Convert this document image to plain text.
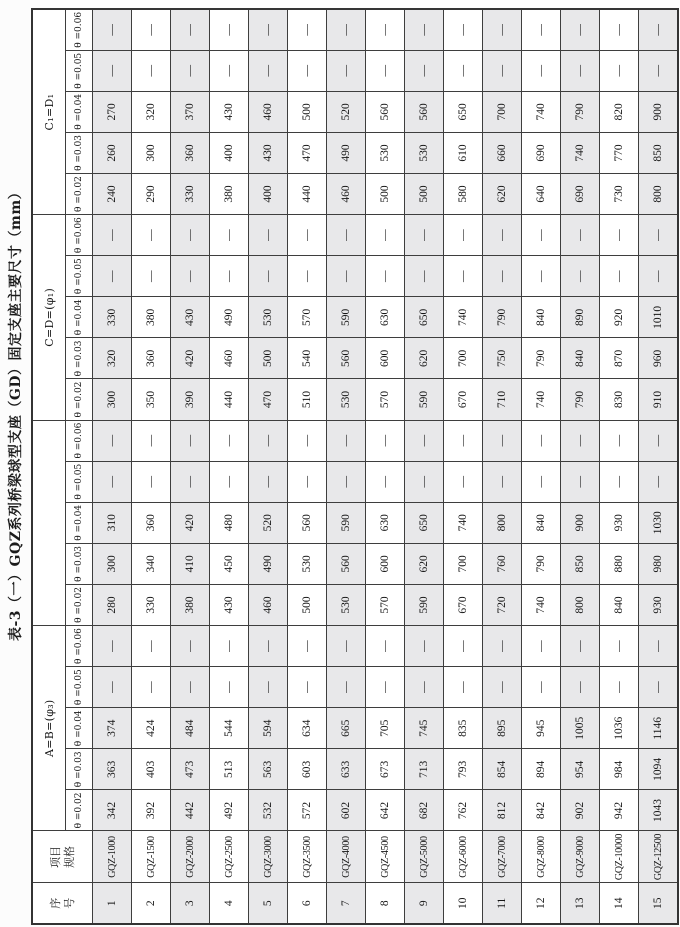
表-3（一）GQZ系列桥梁球型支座（GD）固定支座主要尺寸（mm）
序 号

项目 规格
	A=B=(φ₃)		C=D=(φ₁)	C₁=D₁
		θ =0.02	θ =0.03	θ =0.04	θ =0.05	θ =0.06	θ =0.02	θ =0.03	θ =0.04	θ =0.05	θ =0.06	θ =0.02	θ =0.03	θ =0.04	θ =0.05	θ =0.06	θ =0.02	θ =0.03	θ =0.04	θ =0.05	θ =0.06
1	GQZ-1000	342	363	374	—	—	280	300	310	—	—	300	320	330	—	—	240	260	270	—	—
2	GQZ-1500	392	403	424	—	—	330	340	360	—	—	350	360	380	—	—	290	300	320	—	—
3	GQZ-2000	442	473	484	—	—	380	410	420	—	—	390	420	430	—	—	330	360	370	—	—
4	GQZ-2500	492	513	544	—	—	430	450	480	—	—	440	460	490	—	—	380	400	430	—	—
5	GQZ-3000	532	563	594	—	—	460	490	520	—	—	470	500	530	—	—	400	430	460	—	—
6	GQZ-3500	572	603	634	—	—	500	530	560	—	—	510	540	570	—	—	440	470	500	—	—
7	GQZ-4000	602	633	665	—	—	530	560	590	—	—	530	560	590	—	—	460	490	520	—	—
8	GQZ-4500	642	673	705	—	—	570	600	630	—	—	570	600	630	—	—	500	530	560	—	—
9	GQZ-5000	682	713	745	—	—	590	620	650	—	—	590	620	650	—	—	500	530	560	—	—
10	GQZ-6000	762	793	835	—	—	670	700	740	—	—	670	700	740	—	—	580	610	650	—	—
11	GQZ-7000	812	854	895	—	—	720	760	800	—	—	710	750	790	—	—	620	660	700	—	—
12	GQZ-8000	842	894	945	—	—	740	790	840	—	—	740	790	840	—	—	640	690	740	—	—
13	GQZ-9000	902	954	1005	—	—	800	850	900	—	—	790	840	890	—	—	690	740	790	—	—
14	GQZ-10000	942	984	1036	—	—	840	880	930	—	—	830	870	920	—	—	730	770	820	—	—
15	GQZ-12500	1043	1094	1146	—	—	930	980	1030	—	—	910	960	1010	—	—	800	850	900	—	—
